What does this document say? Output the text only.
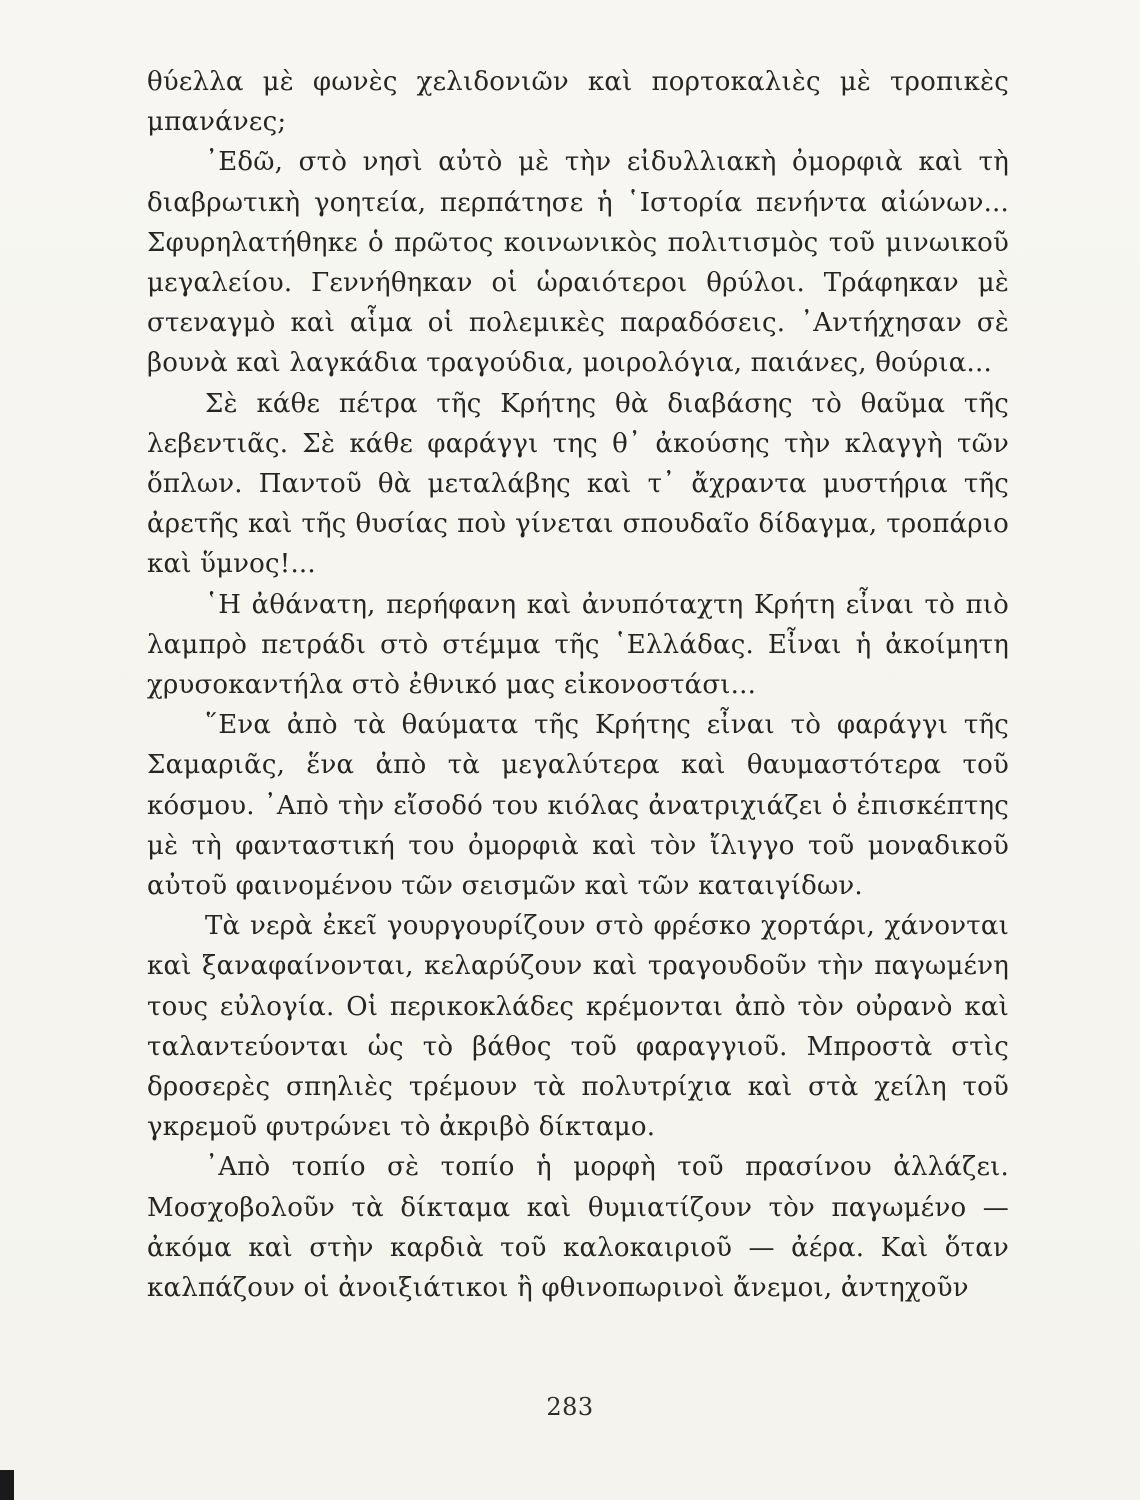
θύελλα μὲ φωνὲς χελιδονιῶν καὶ πορτοκαλιὲς μὲ τροπικὲς μπανάνες;

᾿Εδῶ, στὸ νησὶ αὐτὸ μὲ τὴν εἰδυλλιακὴ ὀμορφιὰ καὶ τὴ διαβρωτικὴ γοητεία, περπάτησε ἡ ῾Ιστορία πενήντα αἰώνων... Σφυρηλατήθηκε ὁ πρῶτος κοινωνικὸς πολιτισμὸς τοῦ μινωικοῦ μεγαλείου. Γεννήθηκαν οἱ ὡραιότεροι θρύλοι. Τράφηκαν μὲ στεναγμὸ καὶ αἷμα οἱ πολεμικὲς παραδόσεις. ᾿Αντήχησαν σὲ βουνὰ καὶ λαγκάδια τραγούδια, μοιρολόγια, παιάνες, θούρια...

Σὲ κάθε πέτρα τῆς Κρήτης θὰ διαβάσης τὸ θαῦμα τῆς λεβεντιᾶς. Σὲ κάθε φαράγγι της θ᾿ ἀκούσης τὴν κλαγγὴ τῶν ὅπλων. Παντοῦ θὰ μεταλάβης καὶ τ᾿ ἄχραντα μυστήρια τῆς ἀρετῆς καὶ τῆς θυσίας ποὺ γίνεται σπουδαῖο δίδαγμα, τροπάριο καὶ ὕμνος!...

῾Η ἀθάνατη, περήφανη καὶ ἀνυπόταχτη Κρήτη εἶναι τὸ πιὸ λαμπρὸ πετράδι στὸ στέμμα τῆς ῾Ελλάδας. Εἶναι ἡ ἀκοίμητη χρυσοκαντήλα στὸ ἐθνικό μας εἰκονοστάσι...

῞Ενα ἀπὸ τὰ θαύματα τῆς Κρήτης εἶναι τὸ φαράγγι τῆς Σαμαριᾶς, ἕνα ἀπὸ τὰ μεγαλύτερα καὶ θαυμαστότερα τοῦ κόσμου. ᾿Απὸ τὴν εἴσοδό του κιόλας ἀνατριχιάζει ὁ ἐπισκέπτης μὲ τὴ φανταστική του ὀμορφιὰ καὶ τὸν ἴλιγγο τοῦ μοναδικοῦ αὐτοῦ φαινομένου τῶν σεισμῶν καὶ τῶν καταιγίδων.

Τὰ νερὰ ἐκεῖ γουργουρίζουν στὸ φρέσκο χορτάρι, χάνονται καὶ ξαναφαίνονται, κελαρύζουν καὶ τραγουδοῦν τὴν παγωμένη τους εὐλογία. Οἱ περικοκλάδες κρέμονται ἀπὸ τὸν οὐρανὸ καὶ ταλαντεύονται ὡς τὸ βάθος τοῦ φαραγγιοῦ. Μπροστὰ στὶς δροσερὲς σπηλιὲς τρέμουν τὰ πολυτρίχια καὶ στὰ χείλη τοῦ γκρεμοῦ φυτρώνει τὸ ἀκριβὸ δίκταμο.

᾿Απὸ τοπίο σὲ τοπίο ἡ μορφὴ τοῦ πρασίνου ἀλλάζει. Μοσχοβολοῦν τὰ δίκταμα καὶ θυμιατίζουν τὸν παγωμένο — ἀκόμα καὶ στὴν καρδιὰ τοῦ καλοκαιριοῦ — ἀέρα. Καὶ ὅταν καλπάζουν οἱ ἀνοιξιάτικοι ἢ φθινοπωρινοὶ ἄνεμοι, ἀντηχοῦν

283
